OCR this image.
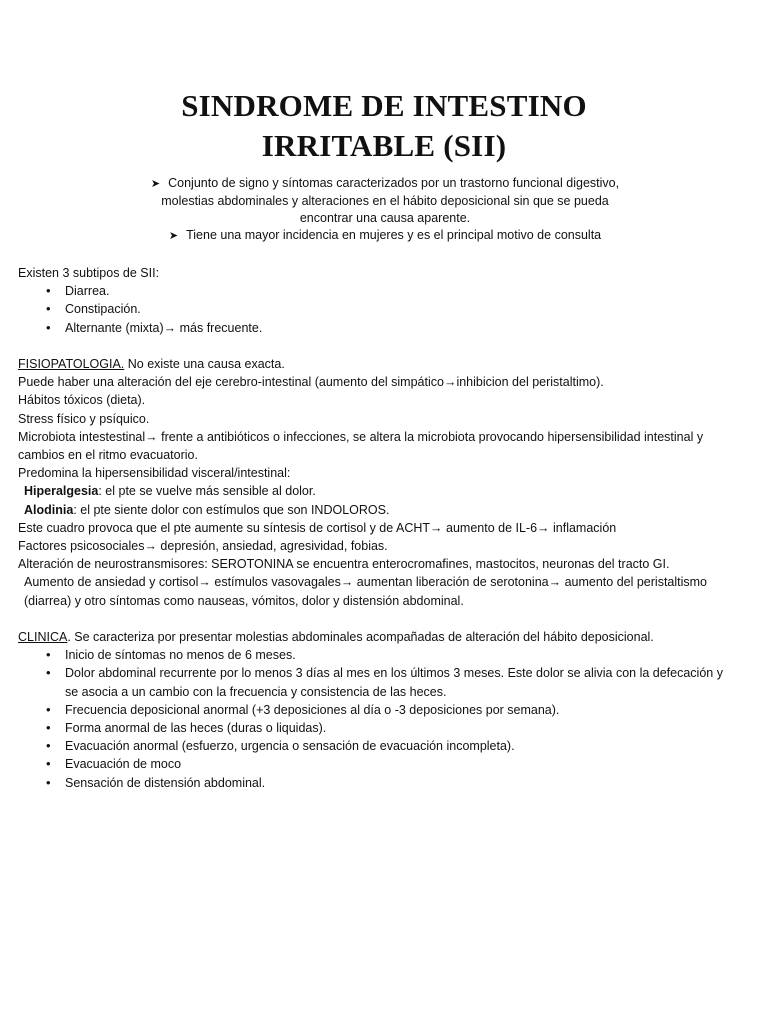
SINDROME DE INTESTINO
IRRITABLE (SII)

➤ Conjunto de signo y síntomas caracterizados por un trastorno funcional digestivo, molestias abdominales y alteraciones en el hábito deposicional sin que se pueda encontrar una causa aparente.

➤ Tiene una mayor incidencia en mujeres y es el principal motivo de consulta

Existen 3 subtipos de SII:

• Diarrea.
• Constipación.
• Alternante (mixta)→ más frecuente.

FISIOPATOLOGIA. No existe una causa exacta.

Puede haber una alteración del eje cerebro-intestinal (aumento del simpático→inhibicion del peristaltimo).

Hábitos tóxicos (dieta).

Stress físico y psíquico.

Microbiota intestestinal→ frente a antibióticos o infecciones, se altera la microbiota provocando hipersensibilidad intestinal y cambios en el ritmo evacuatorio.

Predomina la hipersensibilidad visceral/intestinal:

Hiperalgesia: el pte se vuelve más sensible al dolor.

Alodinia: el pte siente dolor con estímulos que son INDOLOROS.

Este cuadro provoca que el pte aumente su síntesis de cortisol y de ACHT→ aumento de IL-6→ inflamación

Factores psicosociales→ depresión, ansiedad, agresividad, fobias.

Alteración de neurostransmisores: SEROTONINA se encuentra enterocromafines, mastocitos, neuronas del tracto GI.

Aumento de ansiedad y cortisol→ estímulos vasovagales→ aumentan liberación de serotonina→ aumento del peristaltismo (diarrea) y otro síntomas como nauseas, vómitos, dolor y distensión abdominal.

CLINICA. Se caracteriza por presentar molestias abdominales acompañadas de alteración del hábito deposicional.

• Inicio de síntomas no menos de 6 meses.
• Dolor abdominal recurrente por lo menos 3 días al mes en los últimos 3 meses. Este dolor se alivia con la defecación y se asocia a un cambio con la frecuencia y consistencia de las heces.
• Frecuencia deposicional anormal (+3 deposiciones al día o -3 deposiciones por semana).
• Forma anormal de las heces (duras o liquidas).
• Evacuación anormal (esfuerzo, urgencia o sensación de evacuación incompleta).
• Evacuación de moco
• Sensación de distensión abdominal.
